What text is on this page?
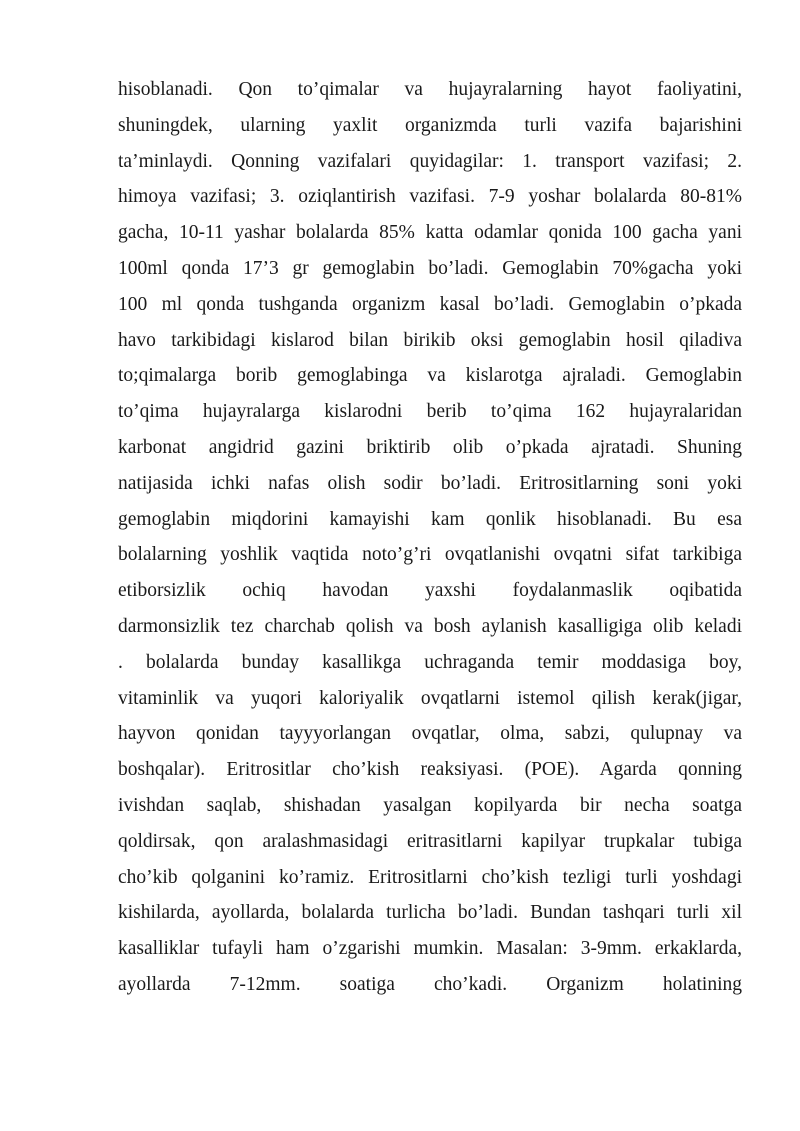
hisoblanadi. Qon to’qimalar va hujayralarning hayot faoliyatini,
shuningdek, ularning yaxlit organizmda turli vazifa bajarishini
ta’minlaydi. Qonning vazifalari quyidagilar: 1. transport vazifasi; 2.
himoya vazifasi; 3. oziqlantirish vazifasi. 7-9 yoshar bolalarda 80-81%
gacha, 10-11 yashar bolalarda 85% katta odamlar qonida 100 gacha yani
100ml qonda 17’3 gr gemoglabin bo’ladi. Gemoglabin 70%gacha yoki
100 ml qonda tushganda organizm kasal bo’ladi. Gemoglabin o’pkada
havo tarkibidagi kislarod bilan birikib oksi gemoglabin hosil qiladiva
to;qimalarga borib gemoglabinga va kislarotga ajraladi. Gemoglabin
to’qima hujayralarga kislarodni berib to’qima 162 hujayralaridan
karbonat angidrid gazini briktirib olib o’pkada ajratadi. Shuning
natijasida ichki nafas olish sodir bo’ladi. Eritrositlarning soni yoki
gemoglabin miqdorini kamayishi kam qonlik hisoblanadi. Bu esa
bolalarning yoshlik vaqtida noto’g’ri ovqatlanishi ovqatni sifat tarkibiga
etiborsizlik ochiq havodan yaxshi foydalanmaslik oqibatida
darmonsizlik tez charchab qolish va bosh aylanish kasalligiga olib keladi
. bolalarda bunday kasallikga uchraganda temir moddasiga boy,
vitaminlik va yuqori kaloriyalik ovqatlarni istemol qilish kerak(jigar,
hayvon qonidan tayyyorlangan ovqatlar, olma, sabzi, qulupnay va
boshqalar). Eritrositlar cho’kish reaksiyasi. (POE). Agarda qonning
ivishdan saqlab, shishadan yasalgan kopilyarda bir necha soatga
qoldirsak, qon aralashmasidagi eritrasitlarni kapilyar trupkalar tubiga
cho’kib qolganini ko’ramiz. Eritrositlarni cho’kish tezligi turli yoshdagi
kishilarda, ayollarda, bolalarda turlicha bo’ladi. Bundan tashqari turli xil
kasalliklar tufayli ham o’zgarishi mumkin. Masalan: 3-9mm. erkaklarda,
ayollarda 7-12mm. soatiga cho’kadi. Organizm holatining
